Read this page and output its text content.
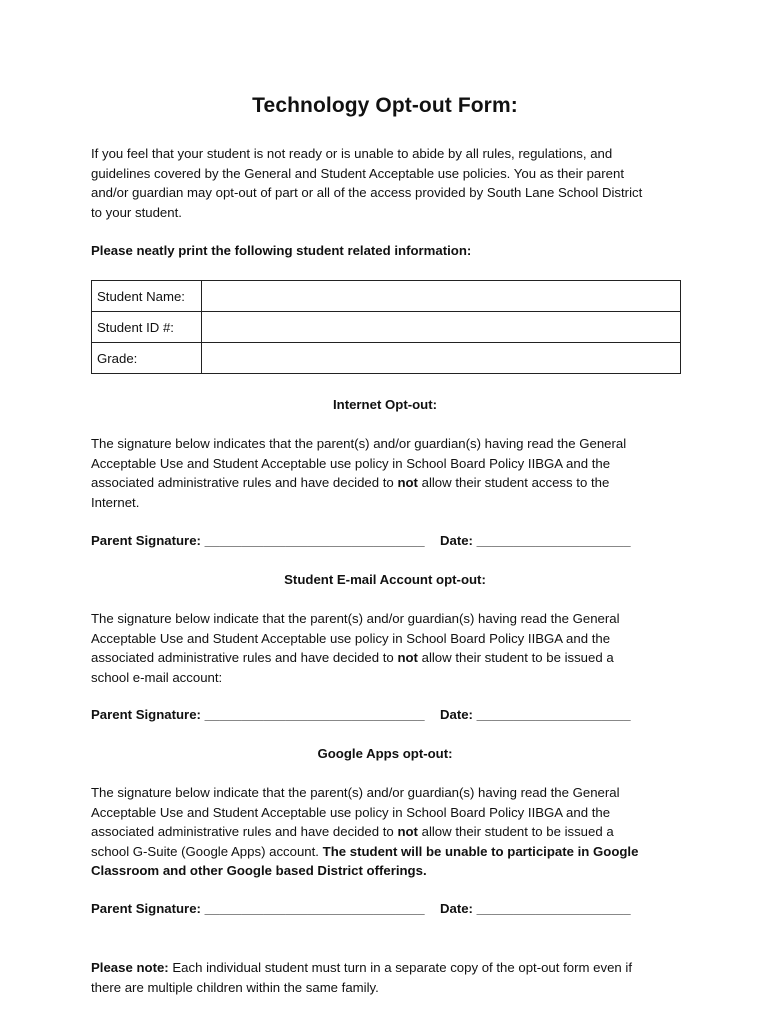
Technology Opt-out Form:
If you feel that your student is not ready or is unable to abide by all rules, regulations, and
guidelines covered by the General and Student Acceptable use policies. You as their parent
and/or guardian may opt-out of part or all of the access provided by South Lane School District
to your student.
Please neatly print the following student related information:
Student Name:	
Student ID #:	
Grade:	
Internet Opt-out:
The signature below indicates that the parent(s) and/or guardian(s) having read the General
Acceptable Use and Student Acceptable use policy in School Board Policy IIBGA and the
associated administrative rules and have decided to not allow their student access to the
Internet.
Parent Signature: ______________________________ Date: _____________________
Student E-mail Account opt-out:
The signature below indicate that the parent(s) and/or guardian(s) having read the General
Acceptable Use and Student Acceptable use policy in School Board Policy IIBGA and the
associated administrative rules and have decided to not allow their student to be issued a
school e-mail account:
Parent Signature: ______________________________ Date: _____________________
Google Apps opt-out:
The signature below indicate that the parent(s) and/or guardian(s) having read the General
Acceptable Use and Student Acceptable use policy in School Board Policy IIBGA and the
associated administrative rules and have decided to not allow their student to be issued a
school G-Suite (Google Apps) account. The student will be unable to participate in Google
Classroom and other Google based District offerings.
Parent Signature: ______________________________ Date: _____________________
Please note: Each individual student must turn in a separate copy of the opt-out form even if
there are multiple children within the same family.
